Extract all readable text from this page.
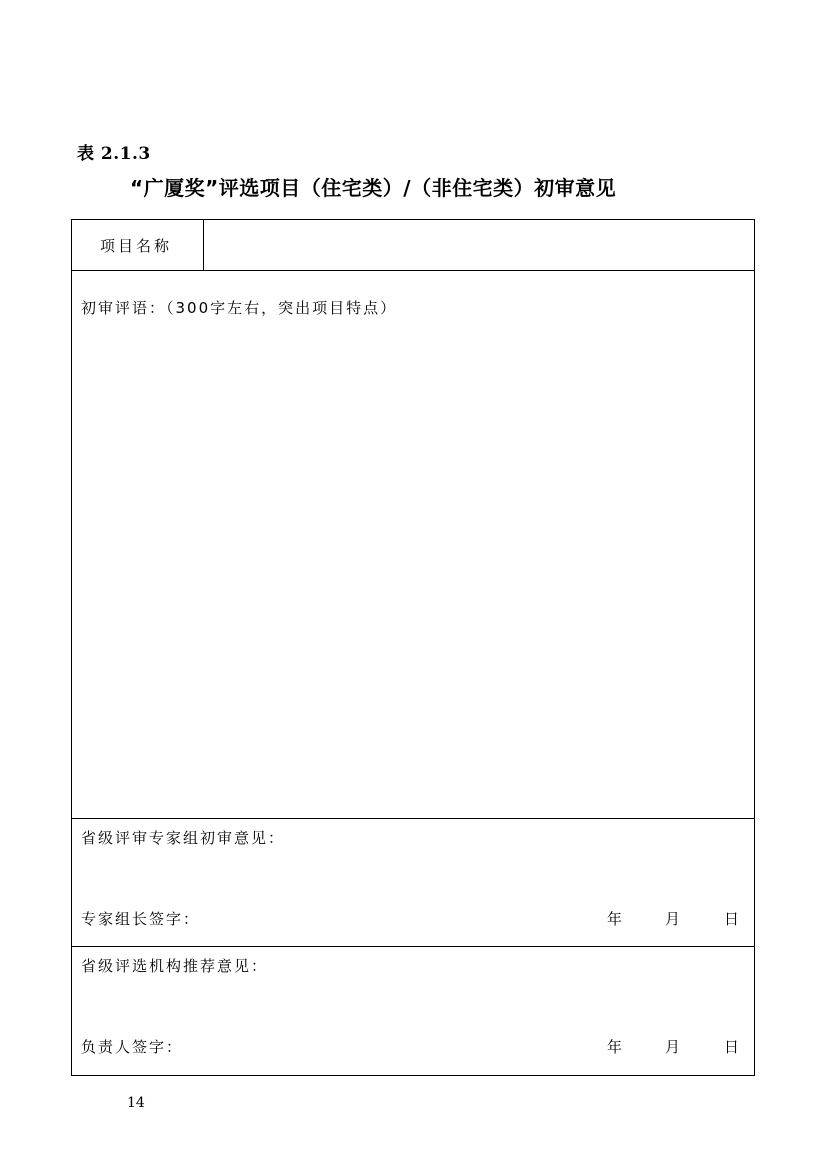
表 2.1.3
“广厦奖”评选项目（住宅类）/（非住宅类）初审意见
项目名称
初审评语：（300字左右，突出项目特点）
省级评审专家组初审意见：
专家组长签字：	年	月	日
省级评选机构推荐意见：
负责人签字：	年	月	日
14
